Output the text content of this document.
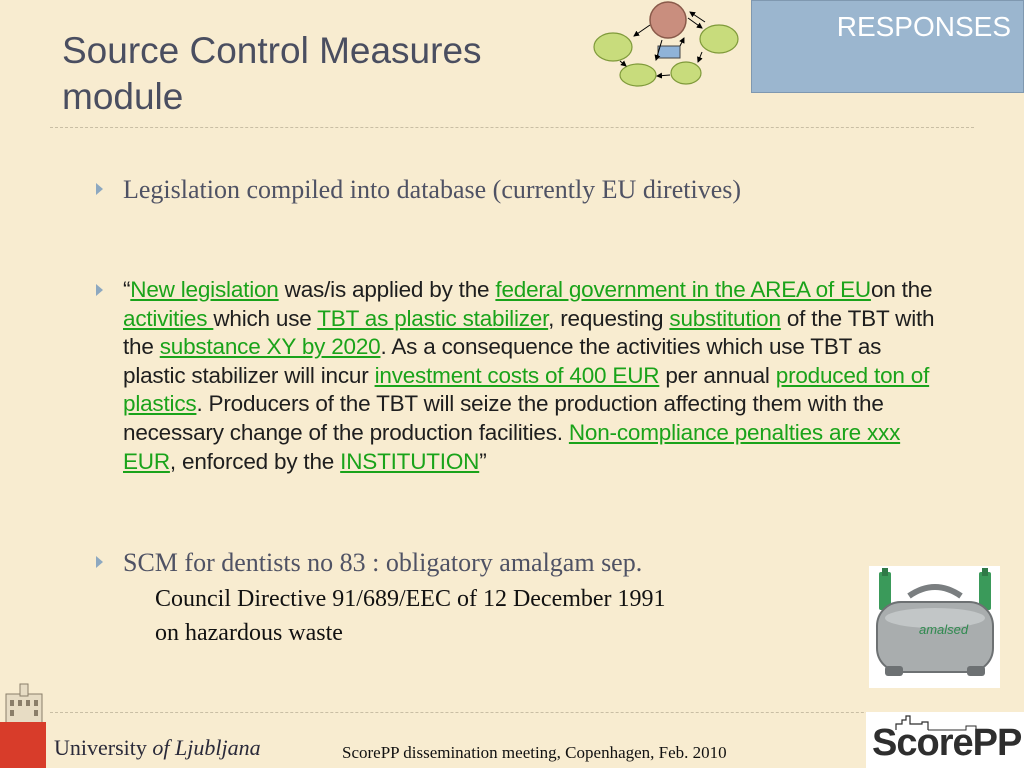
Source Control Measures module
RESPONSES
Legislation compiled into database (currently EU diretives)
“New legislation was/is applied by the federal government in the AREA of EUon the activities which use TBT as plastic stabilizer, requesting substitution of the TBT with the substance XY by 2020. As a consequence the activities which use TBT as plastic stabilizer will incur investment costs of 400 EUR per annual produced ton of plastics. Producers of the TBT will seize the production affecting them with the necessary change of the production facilities. Non-compliance penalties are xxx EUR, enforced by the INSTITUTION”
SCM for dentists no 83 : obligatory amalgam sep.
Council Directive 91/689/EEC of 12 December 1991
on hazardous waste	amalsed
University of Ljubljana	ScorePP dissemination meeting, Copenhagen, Feb. 2010	ScorePP
